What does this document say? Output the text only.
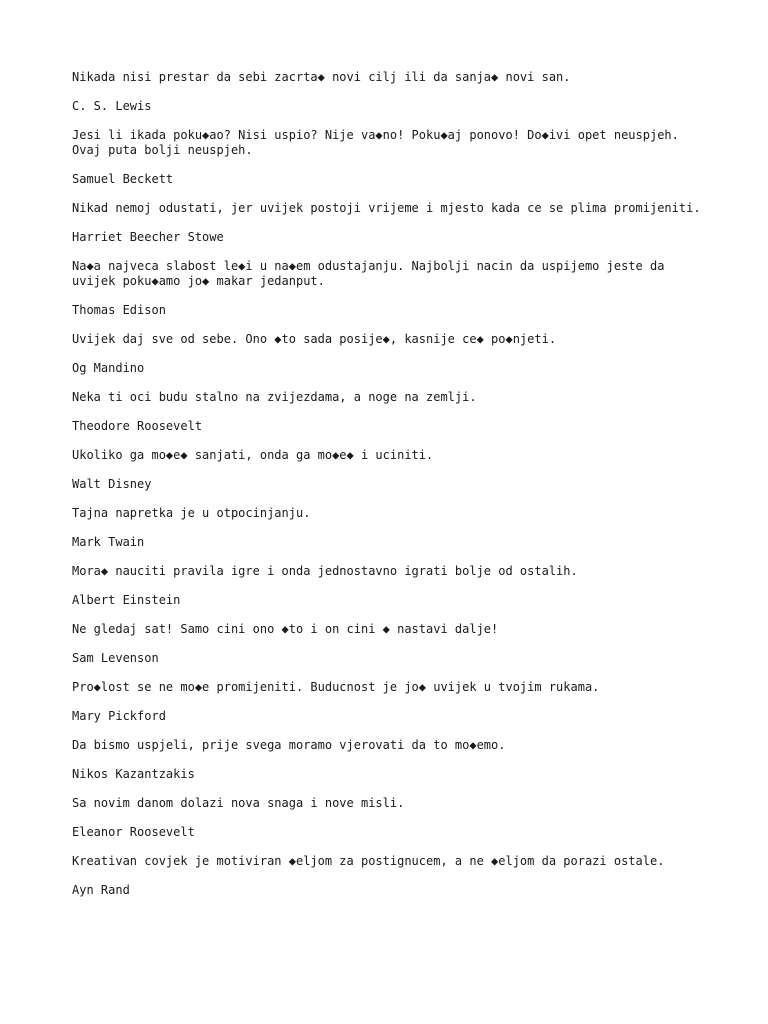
Nikada nisi prestar da sebi zacrta◆ novi cilj ili da sanja◆ novi san.

C. S. Lewis

Jesi li ikada poku◆ao? Nisi uspio? Nije va◆no! Poku◆aj ponovo! Do◆ivi opet neuspjeh. Ovaj puta bolji neuspjeh.

Samuel Beckett

Nikad nemoj odustati, jer uvijek postoji vrijeme i mjesto kada ce se plima promijeniti.

Harriet Beecher Stowe

Na◆a najveca slabost le◆i u na◆em odustajanju. Najbolji nacin da uspijemo jeste da uvijek poku◆amo jo◆ makar jedanput.

Thomas Edison

Uvijek daj sve od sebe. Ono ◆to sada posije◆, kasnije ce◆ po◆njeti.

Og Mandino

Neka ti oci budu stalno na zvijezdama, a noge na zemlji.

Theodore Roosevelt

Ukoliko ga mo◆e◆ sanjati, onda ga mo◆e◆ i uciniti.

Walt Disney

Tajna napretka je u otpocinjanju.

Mark Twain

Mora◆ nauciti pravila igre i onda jednostavno igrati bolje od ostalih.

Albert Einstein

Ne gledaj sat! Samo cini ono ◆to i on cini ◆ nastavi dalje!

Sam Levenson

Pro◆lost se ne mo◆e promijeniti. Buducnost je jo◆ uvijek u tvojim rukama.

Mary Pickford

Da bismo uspjeli, prije svega moramo vjerovati da to mo◆emo.

Nikos Kazantzakis

Sa novim danom dolazi nova snaga i nove misli.

Eleanor Roosevelt

Kreativan covjek je motiviran ◆eljom za postignucem, a ne ◆eljom da porazi ostale.

Ayn Rand
